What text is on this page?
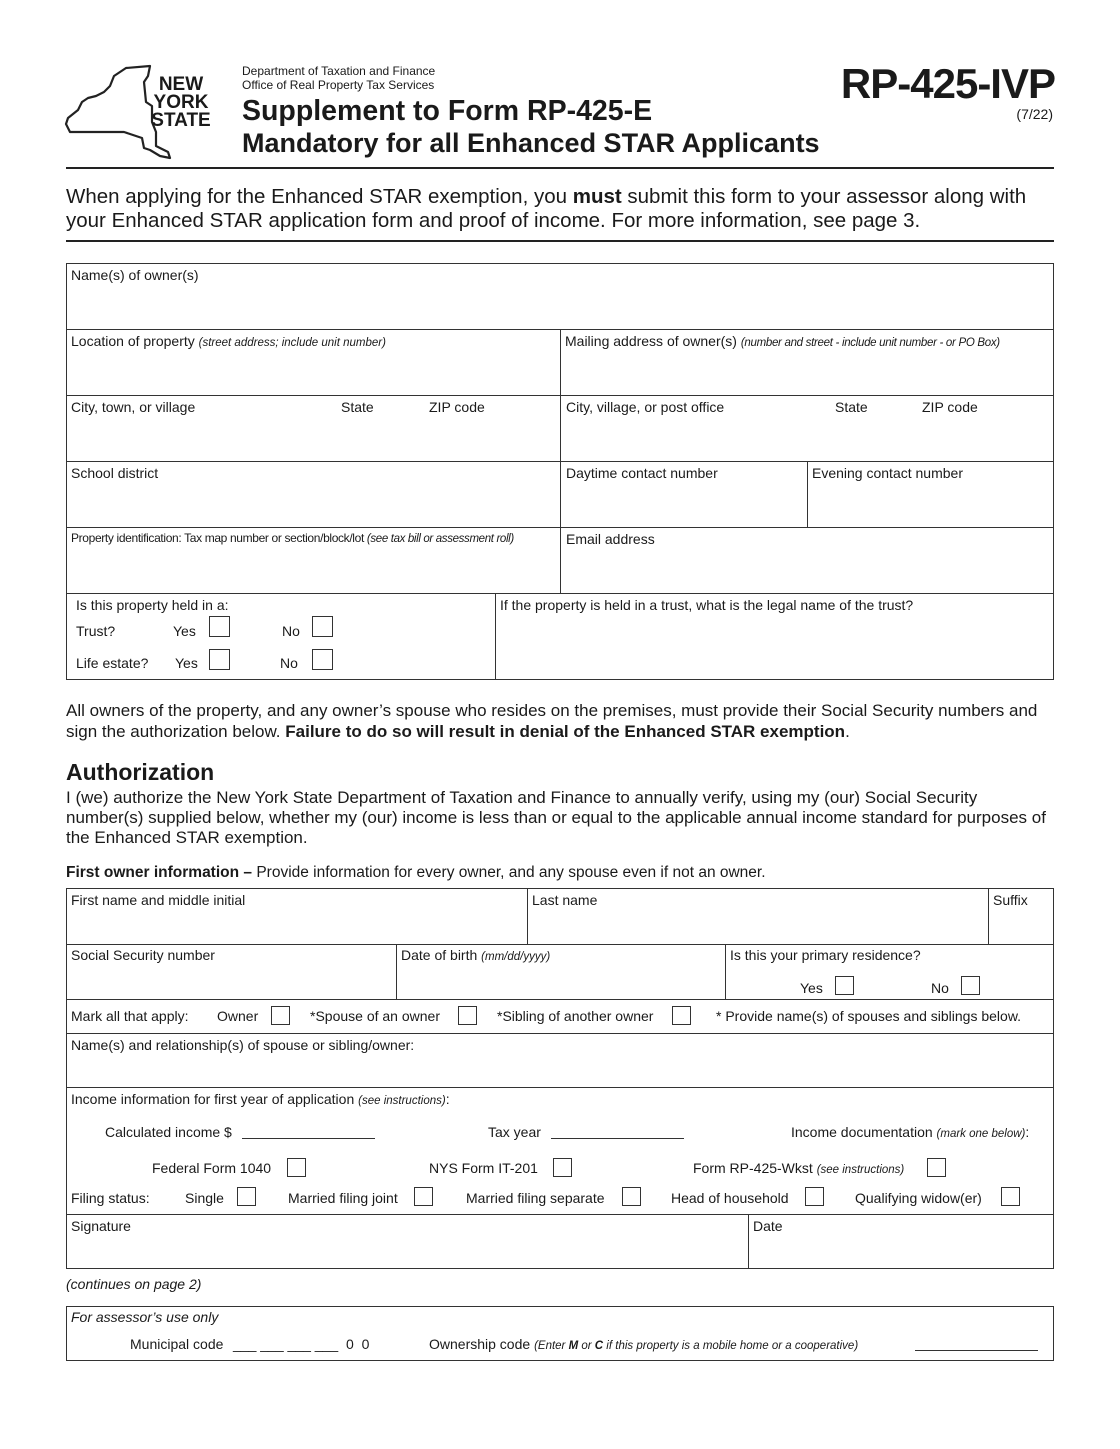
NEW
YORK
STATE
Department of Taxation and Finance
Office of Real Property Tax Services
Supplement to Form RP-425-E
Mandatory for all Enhanced STAR Applicants
RP-425-IVP
(7/22)
When applying for the Enhanced STAR exemption, you must submit this form to your assessor along with your Enhanced STAR application form and proof of income. For more information, see page 3.
Name(s) of owner(s)
Location of property (street address; include unit number)	Mailing address of owner(s) (number and street - include unit number - or PO Box)
City, town, or village	State	ZIP code	City, village, or post office	State	ZIP code
School district	Daytime contact number	Evening contact number
Property identification: Tax map number or section/block/lot (see tax bill or assessment roll)	Email address
Is this property held in a:
Trust?	Yes	No
Life estate? Yes	No
If the property is held in a trust, what is the legal name of the trust?
All owners of the property, and any owner’s spouse who resides on the premises, must provide their Social Security numbers and sign the authorization below. Failure to do so will result in denial of the Enhanced STAR exemption.
Authorization
I (we) authorize the New York State Department of Taxation and Finance to annually verify, using my (our) Social Security number(s) supplied below, whether my (our) income is less than or equal to the applicable annual income standard for purposes of the Enhanced STAR exemption.
First owner information – Provide information for every owner, and any spouse even if not an owner.
First name and middle initial	Last name	Suffix
Social Security number	Date of birth (mm/dd/yyyy)	Is this your primary residence?
Yes	No
Mark all that apply: Owner	*Spouse of an owner	*Sibling of another owner	* Provide name(s) of spouses and siblings below.
Name(s) and relationship(s) of spouse or sibling/owner:
Income information for first year of application (see instructions):
Calculated income $	Tax year	Income documentation (mark one below):
Federal Form 1040	NYS Form IT-201	Form RP-425-Wkst (see instructions)
Filing status:	Single	Married filing joint	Married filing separate	Head of household	Qualifying widow(er)
Signature	Date
(continues on page 2)
For assessor’s use only
Municipal code ___ ___ ___ ___ 0  0	Ownership code (Enter M or C if this property is a mobile home or a cooperative)
